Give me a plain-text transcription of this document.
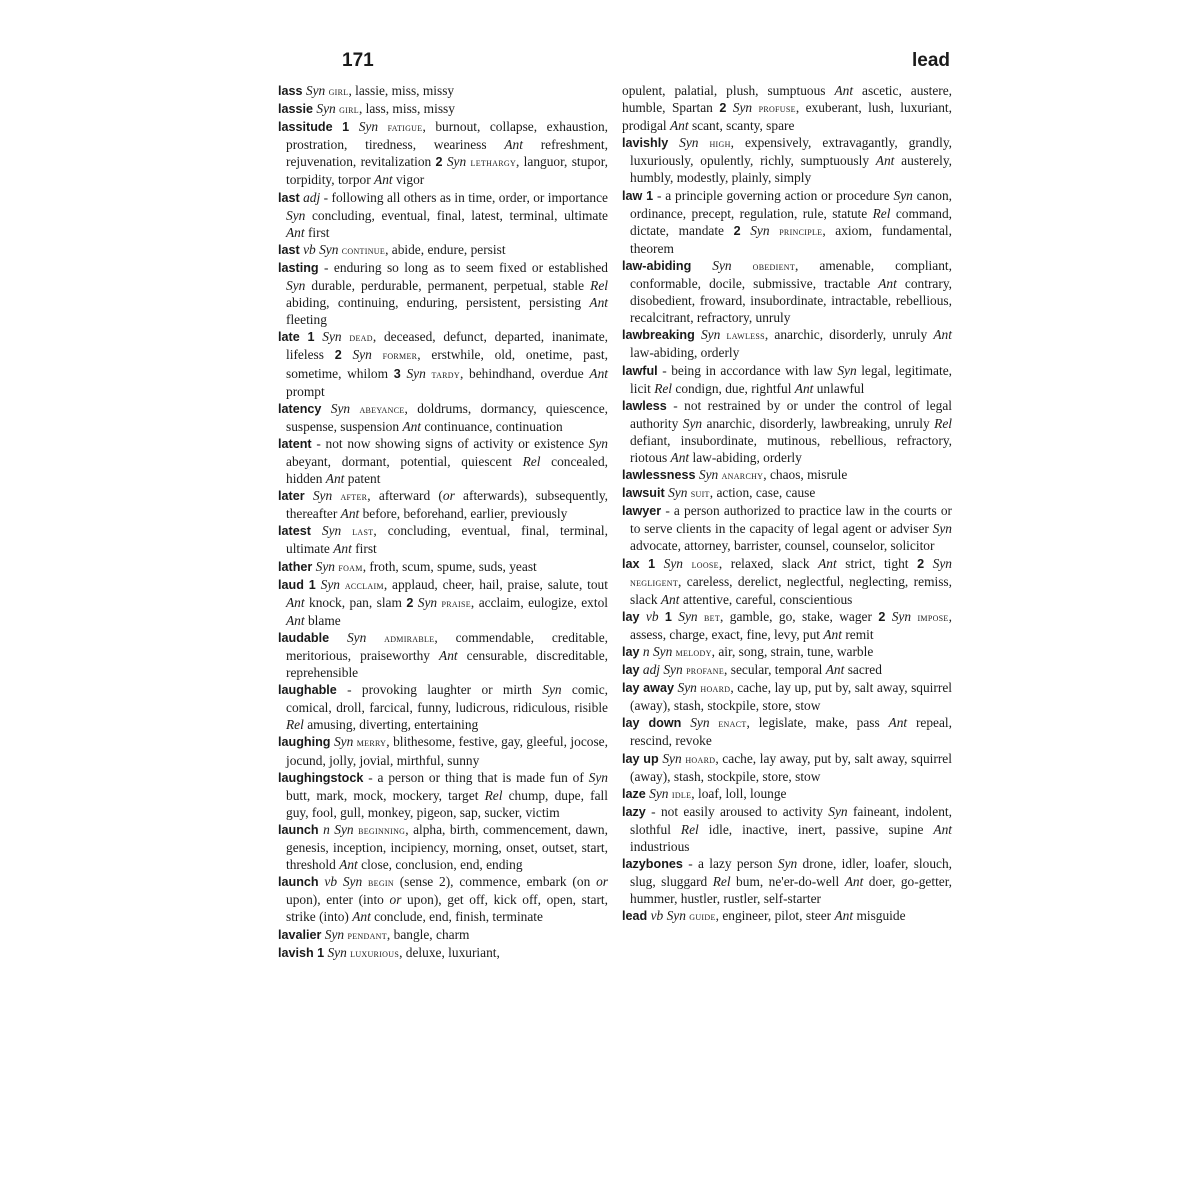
171	lead

lass Syn girl, lassie, miss, missy

lassie Syn girl, lass, miss, missy

lassitude 1 Syn fatigue, burnout, collapse, exhaustion, prostration, tiredness, weariness Ant refreshment, rejuvenation, revitalization 2 Syn lethargy, languor, stupor, torpidity, torpor Ant vigor

last adj - following all others as in time, order, or importance Syn concluding, eventual, final, latest, terminal, ultimate Ant first

last vb Syn continue, abide, endure, persist

lasting - enduring so long as to seem fixed or established Syn durable, perdurable, permanent, perpetual, stable Rel abiding, continuing, enduring, persistent, persisting Ant fleeting

late 1 Syn dead, deceased, defunct, departed, inanimate, lifeless 2 Syn former, erstwhile, old, onetime, past, sometime, whilom 3 Syn tardy, behindhand, overdue Ant prompt

latency Syn abeyance, doldrums, dormancy, quiescence, suspense, suspension Ant continuance, continuation

latent - not now showing signs of activity or existence Syn abeyant, dormant, potential, quiescent Rel concealed, hidden Ant patent

later Syn after, afterward (or afterwards), subsequently, thereafter Ant before, beforehand, earlier, previously

latest Syn last, concluding, eventual, final, terminal, ultimate Ant first

lather Syn foam, froth, scum, spume, suds, yeast

laud 1 Syn acclaim, applaud, cheer, hail, praise, salute, tout Ant knock, pan, slam 2 Syn praise, acclaim, eulogize, extol Ant blame

laudable Syn admirable, commendable, creditable, meritorious, praiseworthy Ant censurable, discreditable, reprehensible

laughable - provoking laughter or mirth Syn comic, comical, droll, farcical, funny, ludicrous, ridiculous, risible Rel amusing, diverting, entertaining

laughing Syn merry, blithesome, festive, gay, gleeful, jocose, jocund, jolly, jovial, mirthful, sunny

laughingstock - a person or thing that is made fun of Syn butt, mark, mock, mockery, target Rel chump, dupe, fall guy, fool, gull, monkey, pigeon, sap, sucker, victim

launch n Syn beginning, alpha, birth, commencement, dawn, genesis, inception, incipiency, morning, onset, outset, start, threshold Ant close, conclusion, end, ending

launch vb Syn begin (sense 2), commence, embark (on or upon), enter (into or upon), get off, kick off, open, start, strike (into) Ant conclude, end, finish, terminate

lavalier Syn pendant, bangle, charm

lavish 1 Syn luxurious, deluxe, luxuriant,

opulent, palatial, plush, sumptuous Ant ascetic, austere, humble, Spartan 2 Syn profuse, exuberant, lush, luxuriant, prodigal Ant scant, scanty, spare

lavishly Syn high, expensively, extravagantly, grandly, luxuriously, opulently, richly, sumptuously Ant austerely, humbly, modestly, plainly, simply

law 1 - a principle governing action or procedure Syn canon, ordinance, precept, regulation, rule, statute Rel command, dictate, mandate 2 Syn principle, axiom, fundamental, theorem

law-abiding Syn obedient, amenable, compliant, conformable, docile, submissive, tractable Ant contrary, disobedient, froward, insubordinate, intractable, rebellious, recalcitrant, refractory, unruly

lawbreaking Syn lawless, anarchic, disorderly, unruly Ant law-abiding, orderly

lawful - being in accordance with law Syn legal, legitimate, licit Rel condign, due, rightful Ant unlawful

lawless - not restrained by or under the control of legal authority Syn anarchic, disorderly, lawbreaking, unruly Rel defiant, insubordinate, mutinous, rebellious, refractory, riotous Ant law-abiding, orderly

lawlessness Syn anarchy, chaos, misrule

lawsuit Syn suit, action, case, cause

lawyer - a person authorized to practice law in the courts or to serve clients in the capacity of legal agent or adviser Syn advocate, attorney, barrister, counsel, counselor, solicitor

lax 1 Syn loose, relaxed, slack Ant strict, tight 2 Syn negligent, careless, derelict, neglectful, neglecting, remiss, slack Ant attentive, careful, conscientious

lay vb 1 Syn bet, gamble, go, stake, wager 2 Syn impose, assess, charge, exact, fine, levy, put Ant remit

lay n Syn melody, air, song, strain, tune, warble

lay adj Syn profane, secular, temporal Ant sacred

lay away Syn hoard, cache, lay up, put by, salt away, squirrel (away), stash, stockpile, store, stow

lay down Syn enact, legislate, make, pass Ant repeal, rescind, revoke

lay up Syn hoard, cache, lay away, put by, salt away, squirrel (away), stash, stockpile, store, stow

laze Syn idle, loaf, loll, lounge

lazy - not easily aroused to activity Syn faineant, indolent, slothful Rel idle, inactive, inert, passive, supine Ant industrious

lazybones - a lazy person Syn drone, idler, loafer, slouch, slug, sluggard Rel bum, ne'er-do-well Ant doer, go-getter, hummer, hustler, rustler, self-starter

lead vb Syn guide, engineer, pilot, steer Ant misguide
